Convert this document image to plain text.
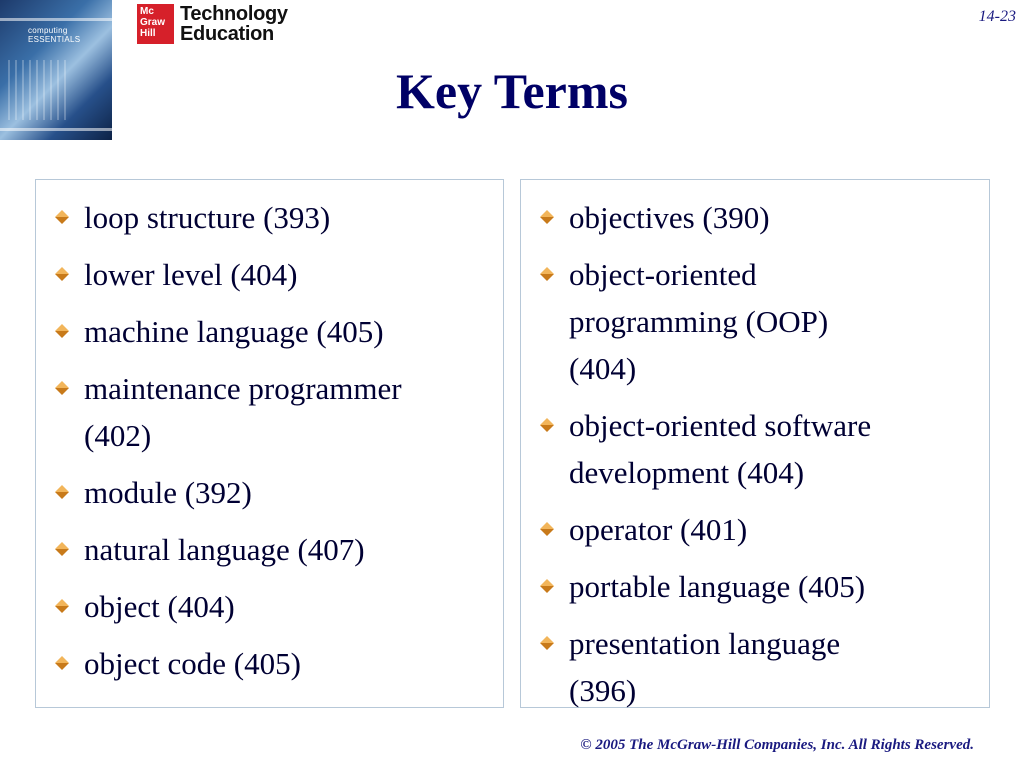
computing ESSENTIALS
Mc
Graw
Hill
Technology
Education
14-23
Key Terms
loop structure (393)
lower level (404)
machine language (405)
maintenance programmer
(402)
module (392)
natural language (407)
object (404)
object code (405)
objectives (390)
object-oriented
programming (OOP)
(404)
object-oriented software
development (404)
operator (401)
portable language (405)
presentation language
(396)
© 2005 The McGraw-Hill Companies, Inc. All Rights Reserved.
